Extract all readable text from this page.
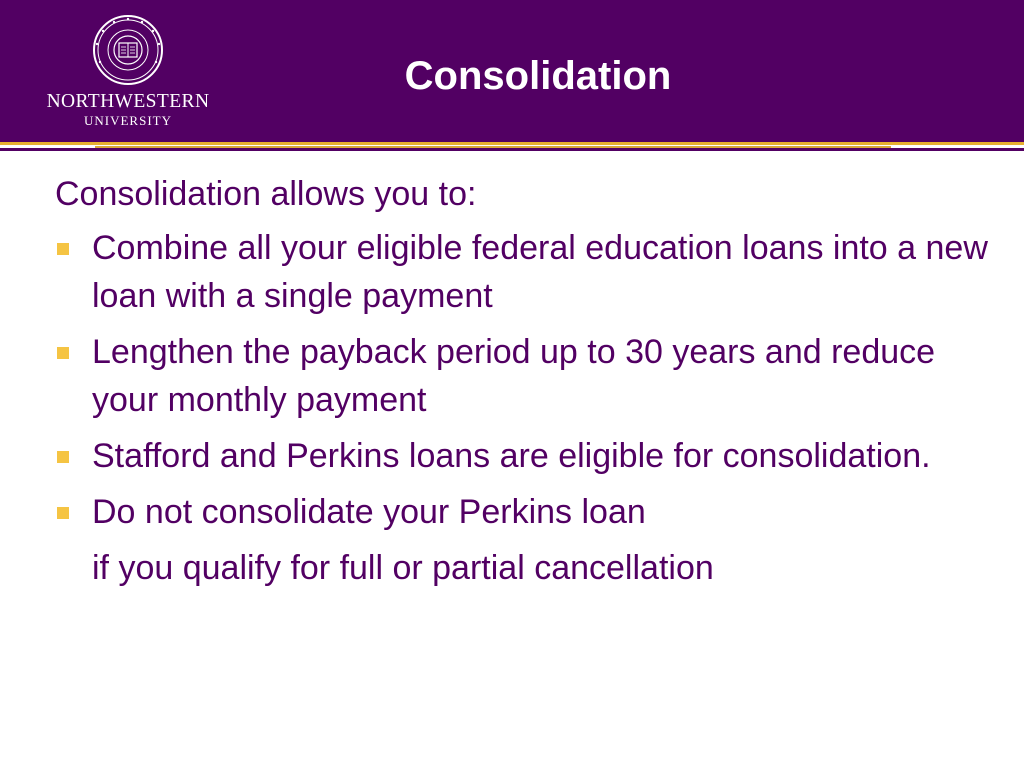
NORTHWESTERN
UNIVERSITY
Consolidation

Consolidation allows you to:

Combine all your eligible federal education loans into a new loan with a single payment
Lengthen the payback period up to 30 years and reduce your monthly payment
Stafford and Perkins loans are eligible for consolidation.
Do not consolidate your Perkins loan
if you qualify for full or partial cancellation
